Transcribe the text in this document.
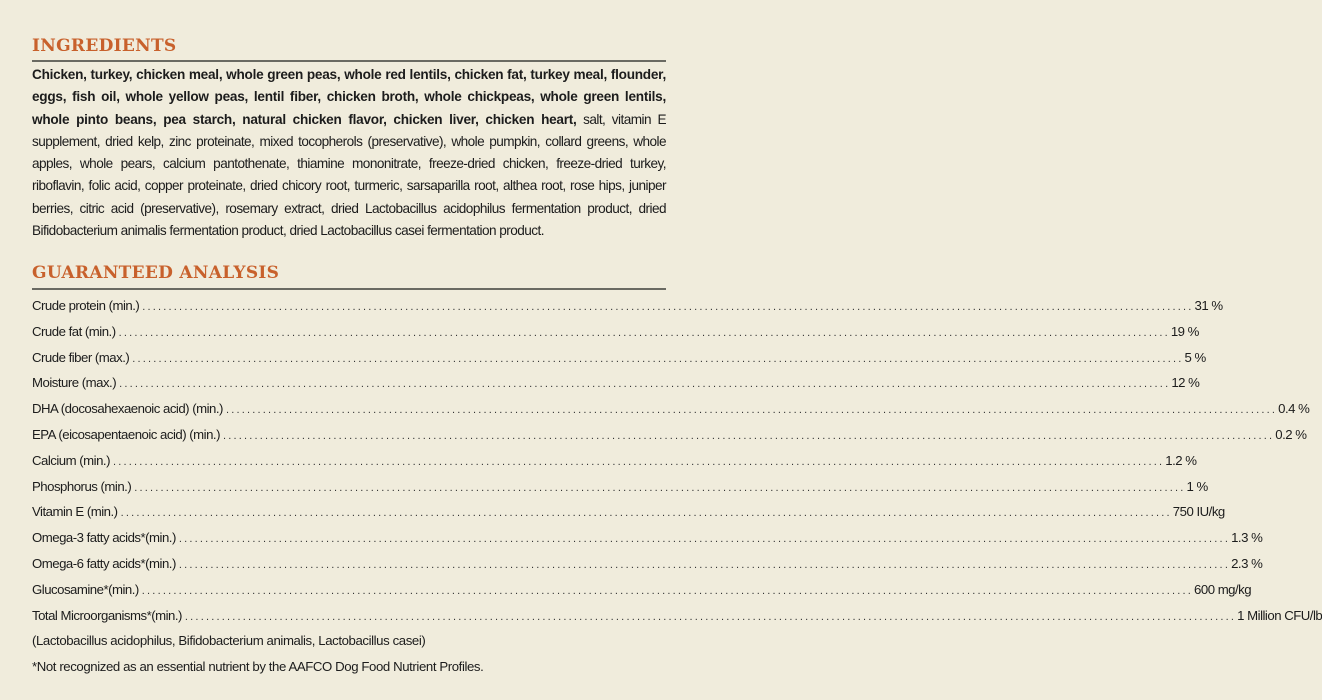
INGREDIENTS

Chicken, turkey, chicken meal, whole green peas, whole red lentils, chicken fat, turkey meal, flounder, eggs, fish oil, whole yellow peas, lentil fiber, chicken broth, whole chickpeas, whole green lentils, whole pinto beans, pea starch, natural chicken flavor, chicken liver, chicken heart, salt, vitamin E supplement, dried kelp, zinc proteinate, mixed tocopherols (preservative), whole pumpkin, collard greens, whole apples, whole pears, calcium pantothenate, thiamine mononitrate, freeze-dried chicken, freeze-dried turkey, riboflavin, folic acid, copper proteinate, dried chicory root, turmeric, sarsaparilla root, althea root, rose hips, juniper berries, citric acid (preservative), rosemary extract, dried Lactobacillus acidophilus fermentation product, dried Bifidobacterium animalis fermentation product, dried Lactobacillus casei fermentation product.

GUARANTEED ANALYSIS
Crude protein (min.) ........................................................................................................................................................................................................ 31 %
Crude fat (min.) ........................................................................................................................................................................................................ 19 %
Crude fiber (max.) ........................................................................................................................................................................................................ 5 %
Moisture (max.) ........................................................................................................................................................................................................ 12 %
DHA (docosahexaenoic acid) (min.) ........................................................................................................................................................................................................ 0.4 %
EPA (eicosapentaenoic acid) (min.) ........................................................................................................................................................................................................ 0.2 %
Calcium (min.) ........................................................................................................................................................................................................ 1.2 %
Phosphorus (min.) ........................................................................................................................................................................................................ 1 %
Vitamin E (min.) ........................................................................................................................................................................................................ 750 IU/kg
Omega-3 fatty acids*(min.) ........................................................................................................................................................................................................ 1.3 %
Omega-6 fatty acids*(min.) ........................................................................................................................................................................................................ 2.3 %
Glucosamine*(min.) ........................................................................................................................................................................................................ 600 mg/kg
Total Microorganisms*(min.) ........................................................................................................................................................................................................ 1 Million CFU/lb
(Lactobacillus acidophilus, Bifidobacterium animalis, Lactobacillus casei)
*Not recognized as an essential nutrient by the AAFCO Dog Food Nutrient Profiles.
